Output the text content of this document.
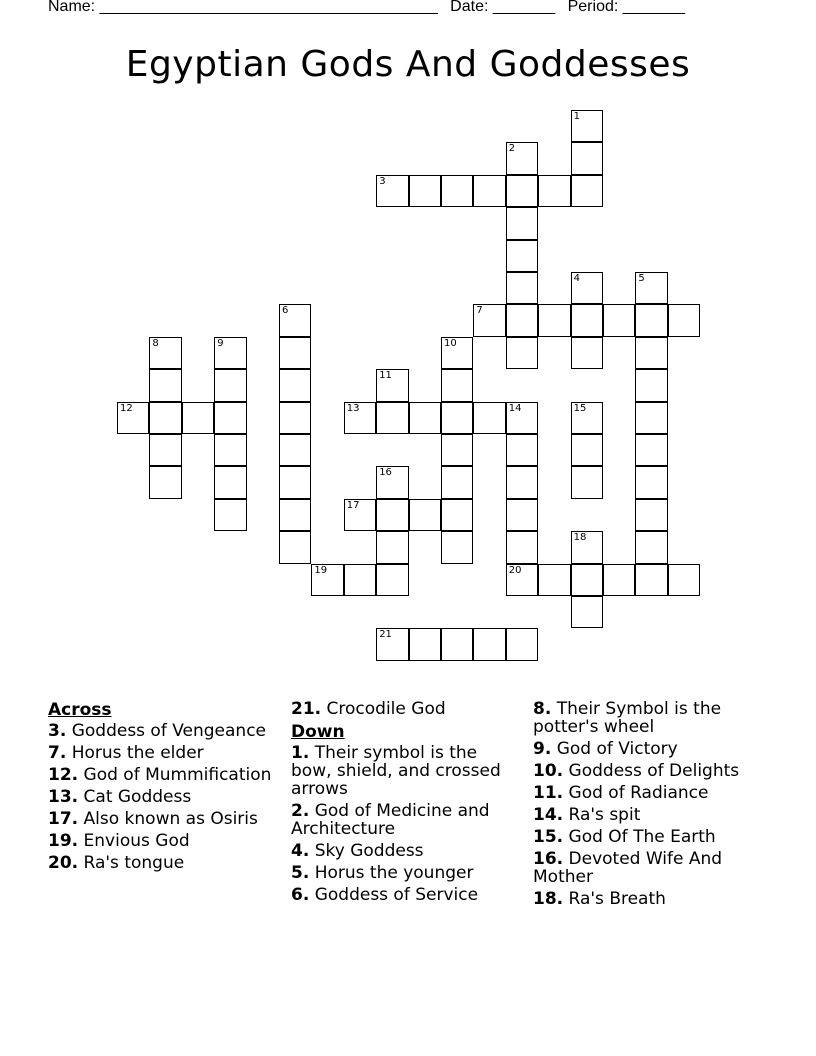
Name: ______________________________________ Date: _______ Period: _______
Egyptian Gods And Goddesses
1
2
3
4	5
6	7
8	9	10
11
12	13	14	15
16
17
18
19	20
21
Across
3. Goddess of Vengeance
7. Horus the elder
12. God of Mummification
13. Cat Goddess
17. Also known as Osiris
19. Envious God
20. Ra's tongue
21. Crocodile God
Down
1. Their symbol is the bow, shield, and crossed arrows
2. God of Medicine and Architecture
4. Sky Goddess
5. Horus the younger
6. Goddess of Service
8. Their Symbol is the potter's wheel
9. God of Victory
10. Goddess of Delights
11. God of Radiance
14. Ra's spit
15. God Of The Earth
16. Devoted Wife And Mother
18. Ra's Breath
